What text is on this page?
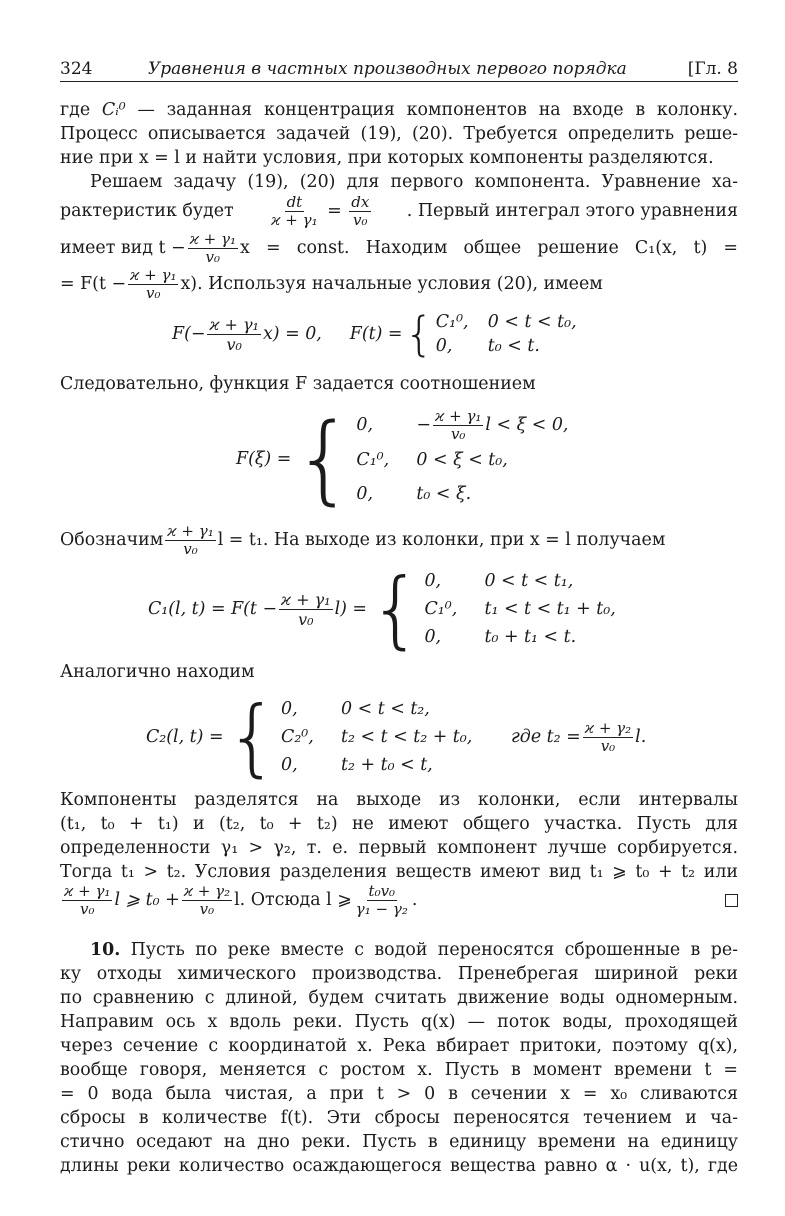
324	Уравнения в частных производных первого порядка	[Гл. 8
где Cᵢ⁰ — заданная концентрация компонентов на входе в колонку.
Процесс описывается задачей (19), (20). Требуется определить реше-
ние при x = l и найти условия, при которых компоненты разделяются.
Решаем задачу (19), (20) для первого компонента. Уравнение ха-
рактеристик будет $\frac{dt}{\text{ϰ + γ₁}} = \frac{dx}{\text{v₀}}$ . Первый интеграл этого уравнения
имеет вид $t - \frac{\text{ϰ + γ₁}}{\text{v₀}}$ x = const. Находим общее решение C₁(x, t) =
= $F(t - \frac{\text{ϰ + γ₁}}{\text{v₀}} x)$. Используя начальные условия (20), имеем
$F(- \frac{\text{ϰ + γ₁}}{\text{v₀}} x) = 0$, F(t) = { C₁⁰,	0 < t < t₀,
0,	t₀ < t.
Следовательно, функция F задается соотношением
F(ξ) = { 0,	− $\frac{\text{ϰ + γ₁}}{\text{v₀}}$ l < ξ < 0,
C₁⁰,	0 < ξ < t₀,
0,	t₀ < ξ.
Обозначим ϰ + γ₁
v₀ l = t₁. На выходе из колонки, при x = l получаем
C₁(l, $t) = F(t - \frac{\text{ϰ + γ₁}}{\text{v₀}} l)$ = { 0,	0 < t < t₁,
C₁⁰,	t₁ < t < t₁ + t₀,
0,	t₀ + t₁ < t.
Аналогично находим
C₂(l, t) = { 0,	0 < t < t₂,
C₂⁰,	t₂ < t < t₂ + t₀,
0,	t₂ + t₀ < t,
где $t_2 = \frac{\text{ϰ + γ₂}}{\text{v₀}} l$.
Компоненты разделятся на выходе из колонки, если интервалы
(t₁, t₀ + t₁) и (t₂, t₀ + t₂) не имеют общего участка. Пусть для
определенности γ₁ > γ₂, т. е. первый компонент лучше сорбируется.
Тогда t₁ > t₂. Условия разделения веществ имеют вид t₁ ⩾ t₀ + t₂ или
ϰ + γ₁
v₀ l ⩾ $t_0 + \frac{\text{ϰ + γ₂}}{\text{v₀}} l$. Отсюда l ⩾ t₀v₀
γ₁ − γ₂ .
10. Пусть по реке вместе с водой переносятся сброшенные в ре-
ку отходы химического производства. Пренебрегая шириной реки
по сравнению с длиной, будем считать движение воды одномерным.
Направим ось x вдоль реки. Пусть q(x) — поток воды, проходящей
через сечение с координатой x. Река вбирает притоки, поэтому q(x),
вообще говоря, меняется с ростом x. Пусть в момент времени t =
= 0 вода была чистая, а при t > 0 в сечении x = x₀ сливаются
сбросы в количестве f(t). Эти сбросы переносятся течением и ча-
стично оседают на дно реки. Пусть в единицу времени на единицу
длины реки количество осаждающегося вещества равно α · u(x, t), где
